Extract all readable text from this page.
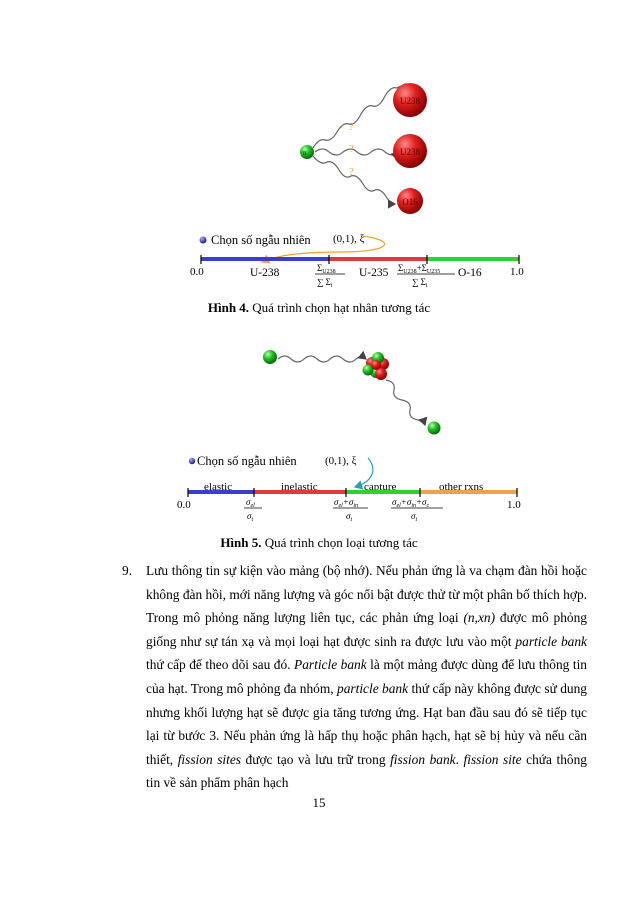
?
?
?
n
U238
U238
O16
Chọn số ngẫu nhiên (0,1), ξ
0.0	U-238	U-235	O-16	1.0
$\Sigma_{U238}$
∑ $\Sigma_i$
$\Sigma_{U238}+\Sigma_{U235}$
∑ $\Sigma_i$
Hình 4. Quá trình chọn hạt nhân tương tác
Chọn số ngẫu nhiên	(0,1), ξ
elastic	inelastic	capture	other rxns
0.0	1.0
$\sigma_{el}$
$\sigma_t$
$\sigma_{el}+\sigma_{in}$
$\sigma_t$
$\sigma_{el}+\sigma_{in}+\sigma_c$
$\sigma_t$
Hình 5. Quá trình chọn loại tương tác
9. Lưu thông tin sự kiện vào mảng (bộ nhớ). Nếu phản ứng là va chạm đàn hồi hoặc không đàn hồi, mới năng lượng và góc nổi bật được thử từ một phân bố thích hợp. Trong mô phỏng năng lượng liên tục, các phản ứng loại (n,xn) được mô phỏng giống như sự tán xạ và mọi loại hạt được sinh ra được lưu vào một particle bank thứ cấp để theo dõi sau đó. Particle bank là một mảng được dùng để lưu thông tin của hạt. Trong mô phỏng đa nhóm, particle bank thứ cấp này không được sử dung nhưng khối lượng hạt sẽ được gia tăng tương ứng. Hạt ban đầu sau đó sẽ tiếp tục lại từ bước 3. Nếu phản ứng là hấp thụ hoặc phân hạch, hạt sẽ bị hủy và nếu cần thiết, fission sites được tạo và lưu trữ trong fission bank. fission site chứa thông tin về sản phẩm phân hạch

15
